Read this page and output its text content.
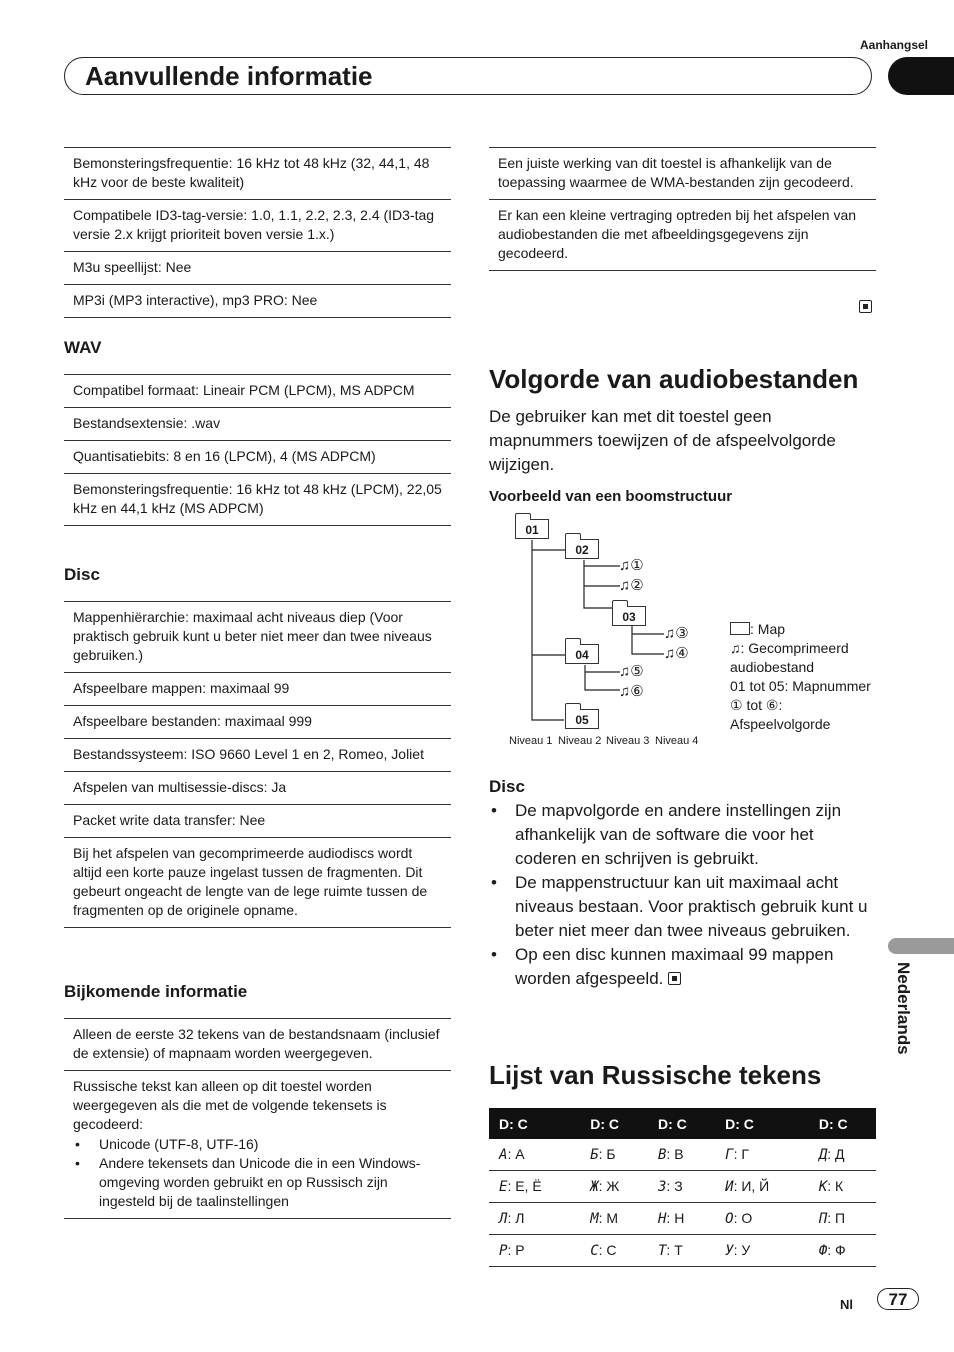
Aanhangsel
Aanvullende informatie
Nederlands
Bemonsteringsfrequentie: 16 kHz tot 48 kHz (32, 44,1, 48 kHz voor de beste kwaliteit)
Compatibele ID3-tag-versie: 1.0, 1.1, 2.2, 2.3, 2.4 (ID3-tag versie 2.x krijgt prioriteit boven versie 1.x.)
M3u speellijst: Nee
MP3i (MP3 interactive), mp3 PRO: Nee
WAV
Compatibel formaat: Lineair PCM (LPCM), MS ADPCM
Bestandsextensie: .wav
Quantisatiebits: 8 en 16 (LPCM), 4 (MS ADPCM)
Bemonsteringsfrequentie: 16 kHz tot 48 kHz (LPCM), 22,05 kHz en 44,1 kHz (MS ADPCM)
Disc
Mappenhiërarchie: maximaal acht niveaus diep (Voor praktisch gebruik kunt u beter niet meer dan twee niveaus gebruiken.)
Afspeelbare mappen: maximaal 99
Afspeelbare bestanden: maximaal 999
Bestandssysteem: ISO 9660 Level 1 en 2, Romeo, Joliet
Afspelen van multisessie-discs: Ja
Packet write data transfer: Nee
Bij het afspelen van gecomprimeerde audiodiscs wordt altijd een korte pauze ingelast tussen de fragmenten. Dit gebeurt ongeacht de lengte van de lege ruimte tussen de fragmenten op de originele opname.
Bijkomende informatie
Alleen de eerste 32 tekens van de bestandsnaam (inclusief de extensie) of mapnaam worden weergegeven.
Russische tekst kan alleen op dit toestel worden weergegeven als die met de volgende tekensets is gecodeerd:
• Unicode (UTF-8, UTF-16)
• Andere tekensets dan Unicode die in een Windows-omgeving worden gebruikt en op Russisch zijn ingesteld bij de taalinstellingen
Een juiste werking van dit toestel is afhankelijk van de toepassing waarmee de WMA-bestanden zijn gecodeerd.
Er kan een kleine vertraging optreden bij het afspelen van audiobestanden die met afbeeldingsgegevens zijn gecodeerd.
Volgorde van audiobestanden
De gebruiker kan met dit toestel geen mapnummers toewijzen of de afspeelvolgorde wijzigen.
Voorbeeld van een boomstructuur
01
02
03
04
05
♫①
♫②
♫③
♫④
♫⑤
♫⑥
Niveau 1 Niveau 2 Niveau 3 Niveau 4
: Map
♫: Gecomprimeerd audiobestand
01 tot 05: Mapnummer
① tot ⑥: Afspeelvolgorde
Disc
• De mapvolgorde en andere instellingen zijn afhankelijk van de software die voor het coderen en schrijven is gebruikt.
• De mappenstructuur kan uit maximaal acht niveaus bestaan. Voor praktisch gebruik kunt u beter niet meer dan twee niveaus gebruiken.
• Op een disc kunnen maximaal 99 mappen worden afgespeeld.
Lijst van Russische tekens
D: C	D: C	D: C	D: C	D: C
A: А	Б: Б	B: В	Г: Г	Д: Д
E: Е, Ё	Ж: Ж	З: З	И: И, Й	K: К
Л: Л	M: М	H: Н	O: О	П: П
P: Р	C: С	T: Т	У: У	Ф: Ф
Nl	77
